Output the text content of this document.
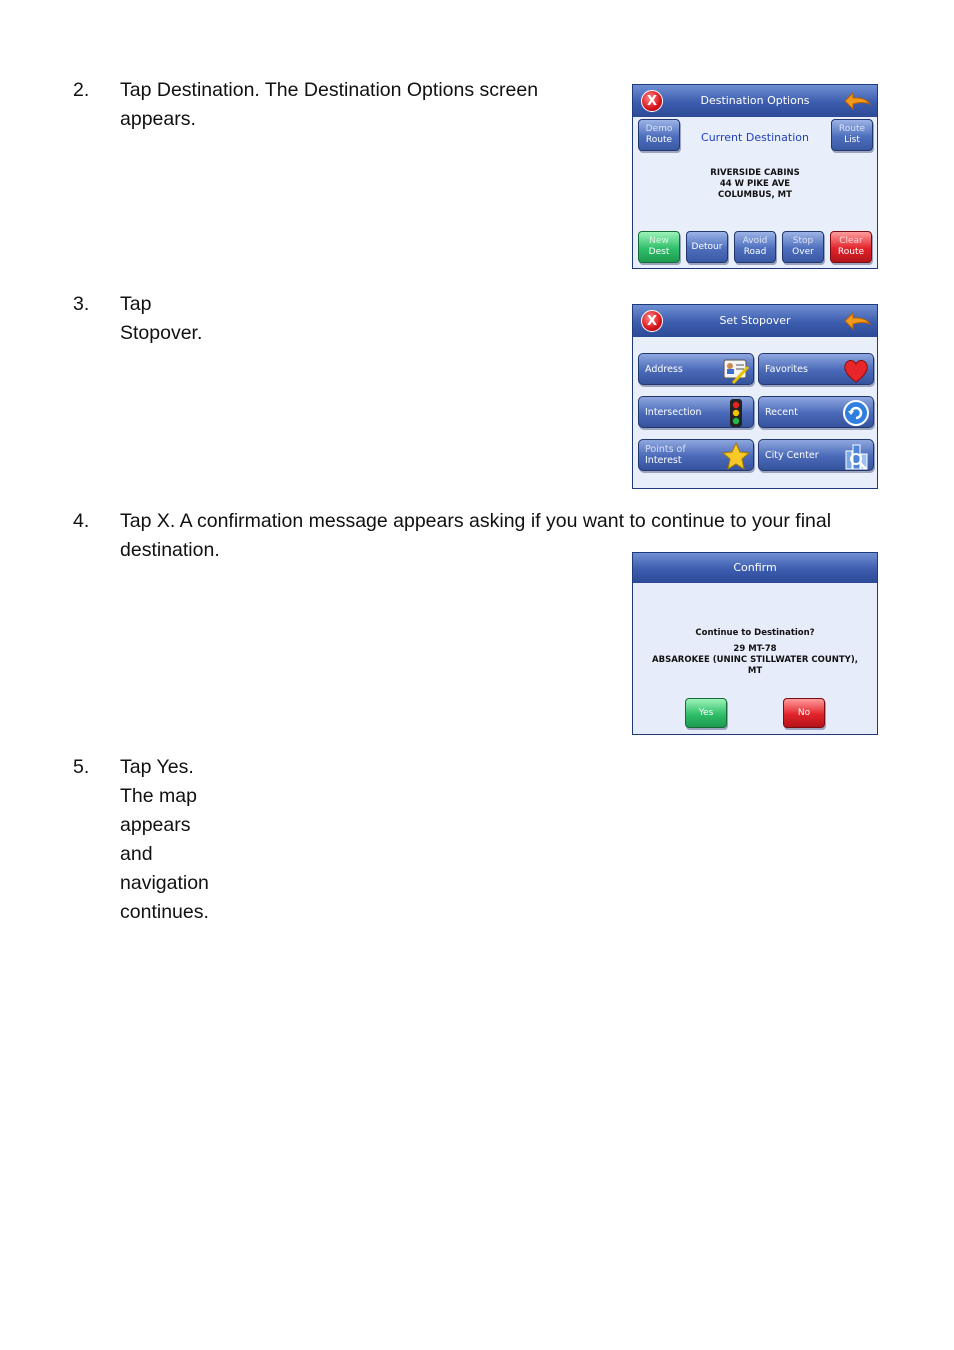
2. Tap Destination. The Destination Options screen
appears.
3. Tap Stopover.
4. Tap X. A confirmation message appears asking if you want to continue to your final
destination.
5. Tap Yes. The map appears and navigation continues.
Destination Options
X
Demo
Route
Route
List
Current Destination
RIVERSIDE CABINS
44 W PIKE AVE
COLUMBUS, MT
New
Dest
Detour
Avoid
Road
Stop
Over
Clear
Route
Set Stopover
X
Address	Favorites
Intersection	Recent
Points of
Interest	City Center
Confirm
Continue to Destination?
29 MT-78
ABSAROKEE (UNINC STILLWATER COUNTY),
MT
Yes	No
